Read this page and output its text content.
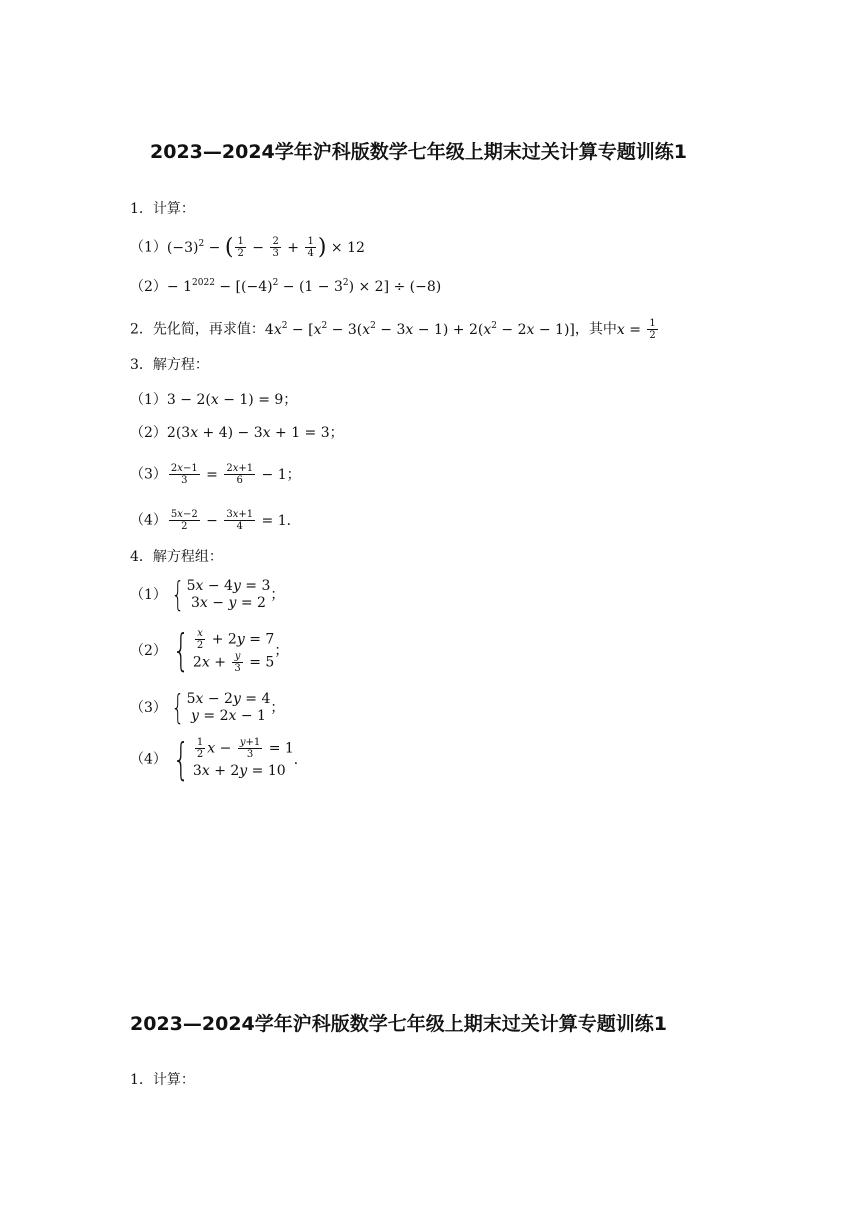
2023—2024学年沪科版数学七年级上期末过关计算专题训练1
1．计算：
$(1)(-3)^2$ − ( $\frac{1}{2} - \frac{2}{3} + \frac{1}{4}$ ) × 12
$(2)- 1^{2022} - [(-4)^2 - (1 - 3^2) \times 2] \div (-8)$
2．先化简，再求值：$4x^2 - [x^2 - 3(x^2 - 3x - 1) + 2(x^2 - 2x - 1)]$，其中$x = \frac{1}{2}$
3．解方程：
（1）3 − 2(x − 1) = 9；
（2）2(3x + 4) − 3x + 1 = 3；
$(3) \frac{2x-1}{3} = \frac{2x+1}{6} - 1$；
$(4) \frac{5x-2}{2} - \frac{3x+1}{4} = 1$．
4．解方程组：
（1） { 5x − 4y = 3
3x − y = 2 ；
（2） { $\frac{x}{2} + 2y = 7$
$2x + \frac{y}{3} = 5$
；
（3） { 5x − 2y = 4
y = 2x − 1 ；
（4） { $\frac{1}{2}$ $x - \frac{y+1}{3} = 1$
3x + 2y = 10
．
2023—2024学年沪科版数学七年级上期末过关计算专题训练1
1．计算：
